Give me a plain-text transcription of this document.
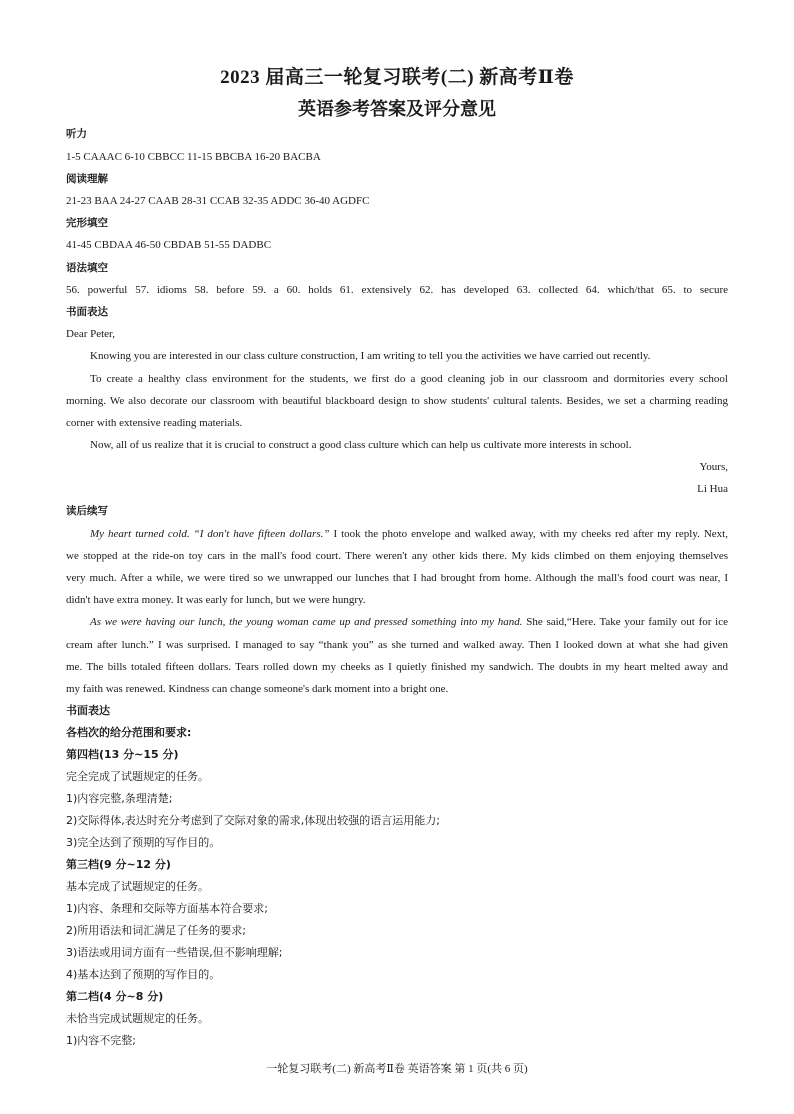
2023 届高三一轮复习联考(二) 新高考Ⅱ卷
英语参考答案及评分意见
听力
1-5 CAAAC 6-10 CBBCC 11-15 BBCBA 16-20 BACBA
阅读理解
21-23 BAA 24-27 CAAB 28-31 CCAB 32-35 ADDC 36-40 AGDFC
完形填空
41-45 CBDAA 46-50 CBDAB 51-55 DADBC
语法填空
56. powerful 57. idioms 58. before 59. a 60. holds 61. extensively 62. has developed 63. collected 64. which/that 65. to secure
书面表达
Dear Peter,
Knowing you are interested in our class culture construction, I am writing to tell you the activities we have carried out recently.
To create a healthy class environment for the students, we first do a good cleaning job in our classroom and dormitories every school
morning. We also decorate our classroom with beautiful blackboard design to show students' cultural talents. Besides, we set a charming reading
corner with extensive reading materials.
Now, all of us realize that it is crucial to construct a good class culture which can help us cultivate more interests in school.
Yours,
Li Hua
读后续写
My heart turned cold. “I don't have fifteen dollars.” I took the photo envelope and walked away, with my cheeks red after my reply. Next,
we stopped at the ride-on toy cars in the mall's food court. There weren't any other kids there. My kids climbed on them enjoying themselves
very much. After a while, we were tired so we unwrapped our lunches that I had brought from home. Although the mall's food court was near, I
didn't have extra money. It was early for lunch, but we were hungry.
As we were having our lunch, the young woman came up and pressed something into my hand. She said,“Here. Take your family out for ice
cream after lunch.” I was surprised. I managed to say “thank you” as she turned and walked away. Then I looked down at what she had given
me. The bills totaled fifteen dollars. Tears rolled down my cheeks as I quietly finished my sandwich. The doubts in my heart melted away and
my faith was renewed. Kindness can change someone's dark moment into a bright one.
书面表达
各档次的给分范围和要求:
第四档(13 分~15 分)
完全完成了试题规定的任务。
1)内容完整,条理清楚;
2)交际得体,表达时充分考虑到了交际对象的需求,体现出较强的语言运用能力;
3)完全达到了预期的写作目的。
第三档(9 分~12 分)
基本完成了试题规定的任务。
1)内容、条理和交际等方面基本符合要求;
2)所用语法和词汇满足了任务的要求;
3)语法或用词方面有一些错误,但不影响理解;
4)基本达到了预期的写作目的。
第二档(4 分~8 分)
未恰当完成试题规定的任务。
1)内容不完整;
一轮复习联考(二) 新高考Ⅱ卷 英语答案 第 1 页(共 6 页)
